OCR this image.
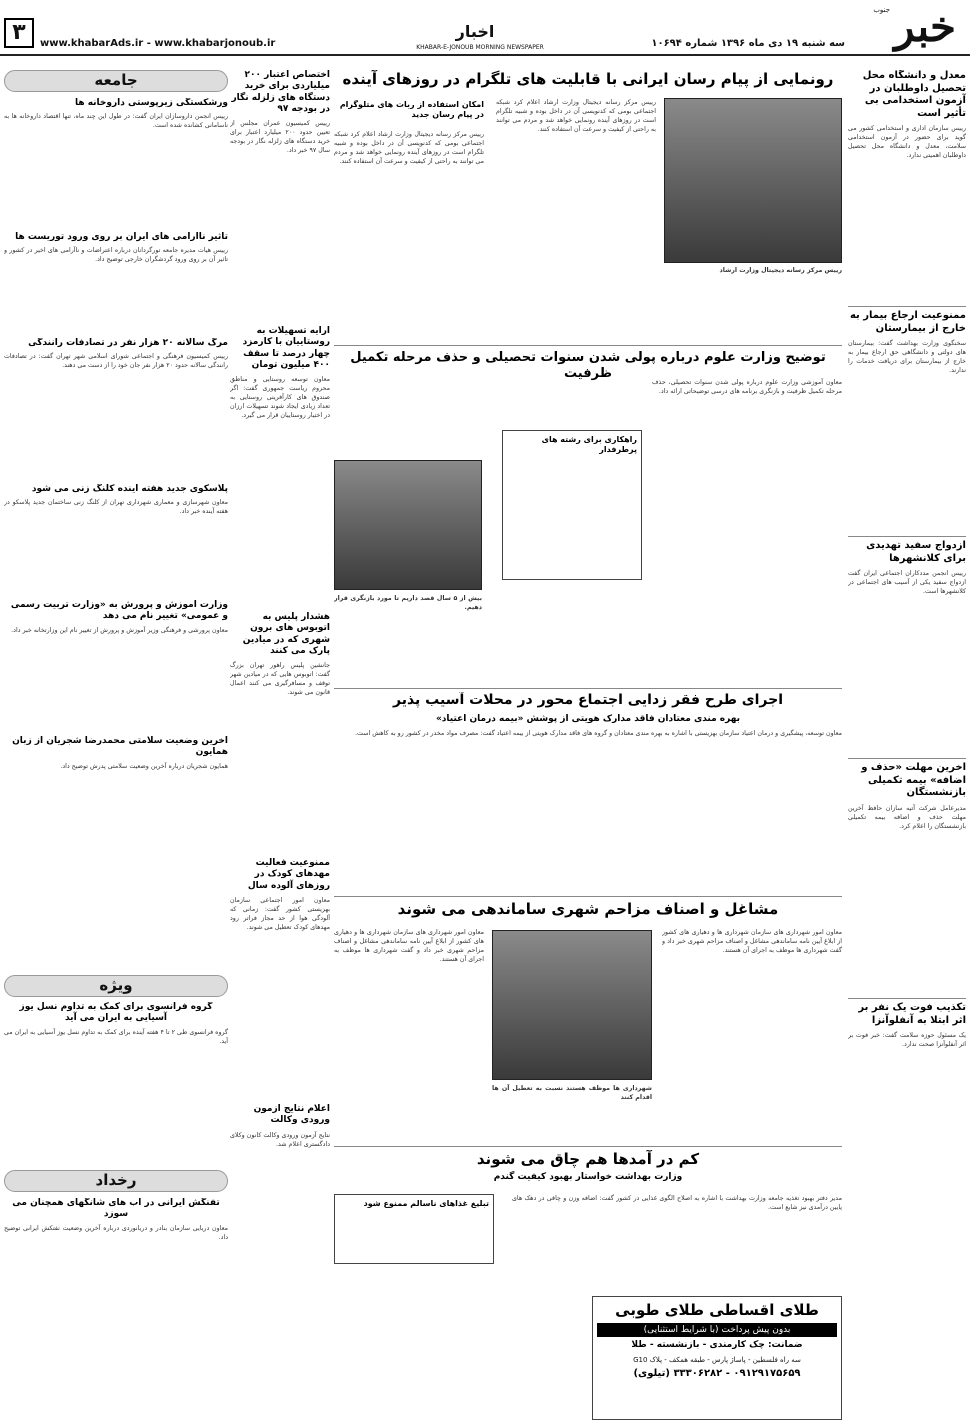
خبر
جنوب
سه شنبه ۱۹ دی ماه ۱۳۹۶ شماره ۱۰۶۹۴
اخبار
KHABAR-E-JONOUB MORNING NEWSPAPER
www.khabarAds.ir - www.khabarjonoub.ir
۳
معدل و دانشگاه محل تحصیل داوطلبان در آزمون استخدامی بی تأثیر است
رییس سازمان اداری و استخدامی کشور می گوید برای حضور در آزمون استخدامی سلامت، معدل و دانشگاه محل تحصیل داوطلبان اهمیتی ندارد.
ممنوعیت ارجاع بیمار به خارج از بیمارستان
سخنگوی وزارت بهداشت گفت: بیمارستان های دولتی و دانشگاهی حق ارجاع بیمار به خارج از بیمارستان برای دریافت خدمات را ندارند.
ازدواج سفید تهدیدی برای کلانشهرها
رییس انجمن مددکاران اجتماعی ایران گفت ازدواج سفید یکی از آسیب های اجتماعی در کلانشهرها است.
آخرین مهلت «حذف و اضافه» بیمه تکمیلی بازنشستگان
مدیرعامل شرکت آتیه سازان حافظ آخرین مهلت حذف و اضافه بیمه تکمیلی بازنشستگان را اعلام کرد.
تکذیب فوت یک نفر بر اثر ابتلا به آنفلوآنزا
یک مسئول حوزه سلامت گفت: خبر فوت بر اثر آنفلوآنزا صحت ندارد.
رونمایی از پیام رسان ایرانی با قابلیت های تلگرام در روزهای آینده
رییس مرکز رسانه دیجیتال وزارت ارشاد
رییس مرکز رسانه دیجیتال وزارت ارشاد اعلام کرد شبکه اجتماعی بومی که کدنویسی آن در داخل بوده و شبیه تلگرام است در روزهای آینده رونمایی خواهد شد و مردم می توانند به راحتی از کیفیت و سرعت آن استفاده کنند.
امکان استفاده از ربات های متلوگرام در پیام رسان جدید
رییس مرکز رسانه دیجیتال وزارت ارشاد اعلام کرد شبکه اجتماعی بومی که کدنویسی آن در داخل بوده و شبیه تلگرام است در روزهای آینده رونمایی خواهد شد و مردم می توانند به راحتی از کیفیت و سرعت آن استفاده کنند.
توضیح وزارت علوم درباره پولی شدن سنوات تحصیلی و حذف مرحله تکمیل ظرفیت
معاون آموزشی وزارت علوم درباره پولی شدن سنوات تحصیلی، حذف مرحله تکمیل ظرفیت و بازنگری برنامه های درسی توضیحاتی ارائه داد.
راهکاری برای رشته های پرطرفدار
بیش از ۵ سال قصد داریم تا مورد بازنگری قرار دهیم.
اجرای طرح فقر زدایی اجتماع محور در محلات آسیب پذیر
بهره مندی معتادان فاقد مدارک هویتی از پوشش «بیمه درمان اعتیاد»
معاون توسعه، پیشگیری و درمان اعتیاد سازمان بهزیستی با اشاره به بهره مندی معتادان و گروه های فاقد مدارک هویتی از بیمه اعتیاد گفت: مصرف مواد مخدر در کشور رو به کاهش است.
مشاغل و اصناف مزاحم شهری ساماندهی می شوند
معاون امور شهرداری های سازمان شهرداری ها و دهیاری های کشور از ابلاغ آیین نامه ساماندهی مشاغل و اصناف مزاحم شهری خبر داد و گفت شهرداری ها موظف به اجرای آن هستند.
شهرداری ها موظف هستند نسبت به تعطیل آن ها اقدام کنند
معاون امور شهرداری های سازمان شهرداری ها و دهیاری های کشور از ابلاغ آیین نامه ساماندهی مشاغل و اصناف مزاحم شهری خبر داد و گفت شهرداری ها موظف به اجرای آن هستند.
کم در آمدها هم چاق می شوند
وزارت بهداشت خواستار بهبود کیفیت گندم
مدیر دفتر بهبود تغذیه جامعه وزارت بهداشت با اشاره به اصلاح الگوی غذایی در کشور گفت: اضافه وزن و چاقی در دهک های پایین درآمدی نیز شایع است.
تبلیغ غذاهای ناسالم ممنوع شود
طلای اقساطی طلای طوبی
بدون پیش پرداخت (با شرایط استثنایی)
ضمانت: چک کارمندی - بازنشسته - طلا
سه راه فلسطین - پاساژ پارس - طبقه همکف - پلاک G10
۰۹۱۲۹۱۷۵۶۵۹ - ۳۳۳۰۶۲۸۲ (تیلوی)
اختصاص اعتبار ۲۰۰ میلیاردی برای خرید دستگاه های زلزله نگار در بودجه ۹۷
رییس کمیسیون عمران مجلس از تعیین حدود ۲۰۰ میلیارد اعتبار برای خرید دستگاه های زلزله نگار در بودجه سال ۹۷ خبر داد.
ارایه تسهیلات به روستاییان با کارمزد چهار درصد تا سقف ۴۰۰ میلیون تومان
معاون توسعه روستایی و مناطق محروم ریاست جمهوری گفت: اگر صندوق های کارآفرینی روستایی به تعداد زیادی ایجاد شوند تسهیلات ارزان در اختیار روستاییان قرار می گیرد.
هشدار پلیس به اتوبوس های برون شهری که در میادین پارک می کنند
جانشین پلیس راهور تهران بزرگ گفت: اتوبوس هایی که در میادین شهر توقف و مسافرگیری می کنند اعمال قانون می شوند.
ممنوعیت فعالیت مهدهای کودک در روزهای آلوده سال
معاون امور اجتماعی سازمان بهزیستی کشور گفت: زمانی که آلودگی هوا از حد مجاز فراتر رود مهدهای کودک تعطیل می شوند.
اعلام نتایج آزمون ورودی وکالت
نتایج آزمون ورودی وکالت کانون وکلای دادگستری اعلام شد.
جامعه
ورشکستگی زیرپوستی داروخانه ها
رییس انجمن داروسازان ایران گفت: در طول این چند ماه، تنها اقتصاد داروخانه ها به ناسامانی کشانده شده است.
تاثیر ناآرامی های ایران بر روی ورود توریست ها
رییس هیات مدیره جامعه تورگردانان درباره اعتراضات و ناآرامی های اخیر در کشور و تاثیر آن بر روی ورود گردشگران خارجی توضیح داد.
مرگ سالانه ۲۰ هزار نفر در تصادفات رانندگی
رییس کمیسیون فرهنگی و اجتماعی شورای اسلامی شهر تهران گفت: در تصادفات رانندگی سالانه حدود ۲۰ هزار نفر جان خود را از دست می دهند.
پلاسکوی جدید هفته آینده کلنگ زنی می شود
معاون شهرسازی و معماری شهرداری تهران از کلنگ زنی ساختمان جدید پلاسکو در هفته آینده خبر داد.
وزارت آموزش و پرورش به «وزارت تربیت رسمی و عمومی» تغییر نام می دهد
معاون پرورشی و فرهنگی وزیر آموزش و پرورش از تغییر نام این وزارتخانه خبر داد.
آخرین وضعیت سلامتی محمدرضا شجریان از زبان همایون
همایون شجریان درباره آخرین وضعیت سلامتی پدرش توضیح داد.
ویژه
گروه فرانسوی برای کمک به تداوم نسل یوز آسیایی به ایران می آید
گروه فرانسوی طی ۲ تا ۴ هفته آینده برای کمک به تداوم نسل یوز آسیایی به ایران می آید.
رخداد
تفنگش ایرانی در آب های شانگهای همچنان می سوزد
معاون دریایی سازمان بنادر و دریانوردی درباره آخرین وضعیت نفتکش ایرانی توضیح داد.
